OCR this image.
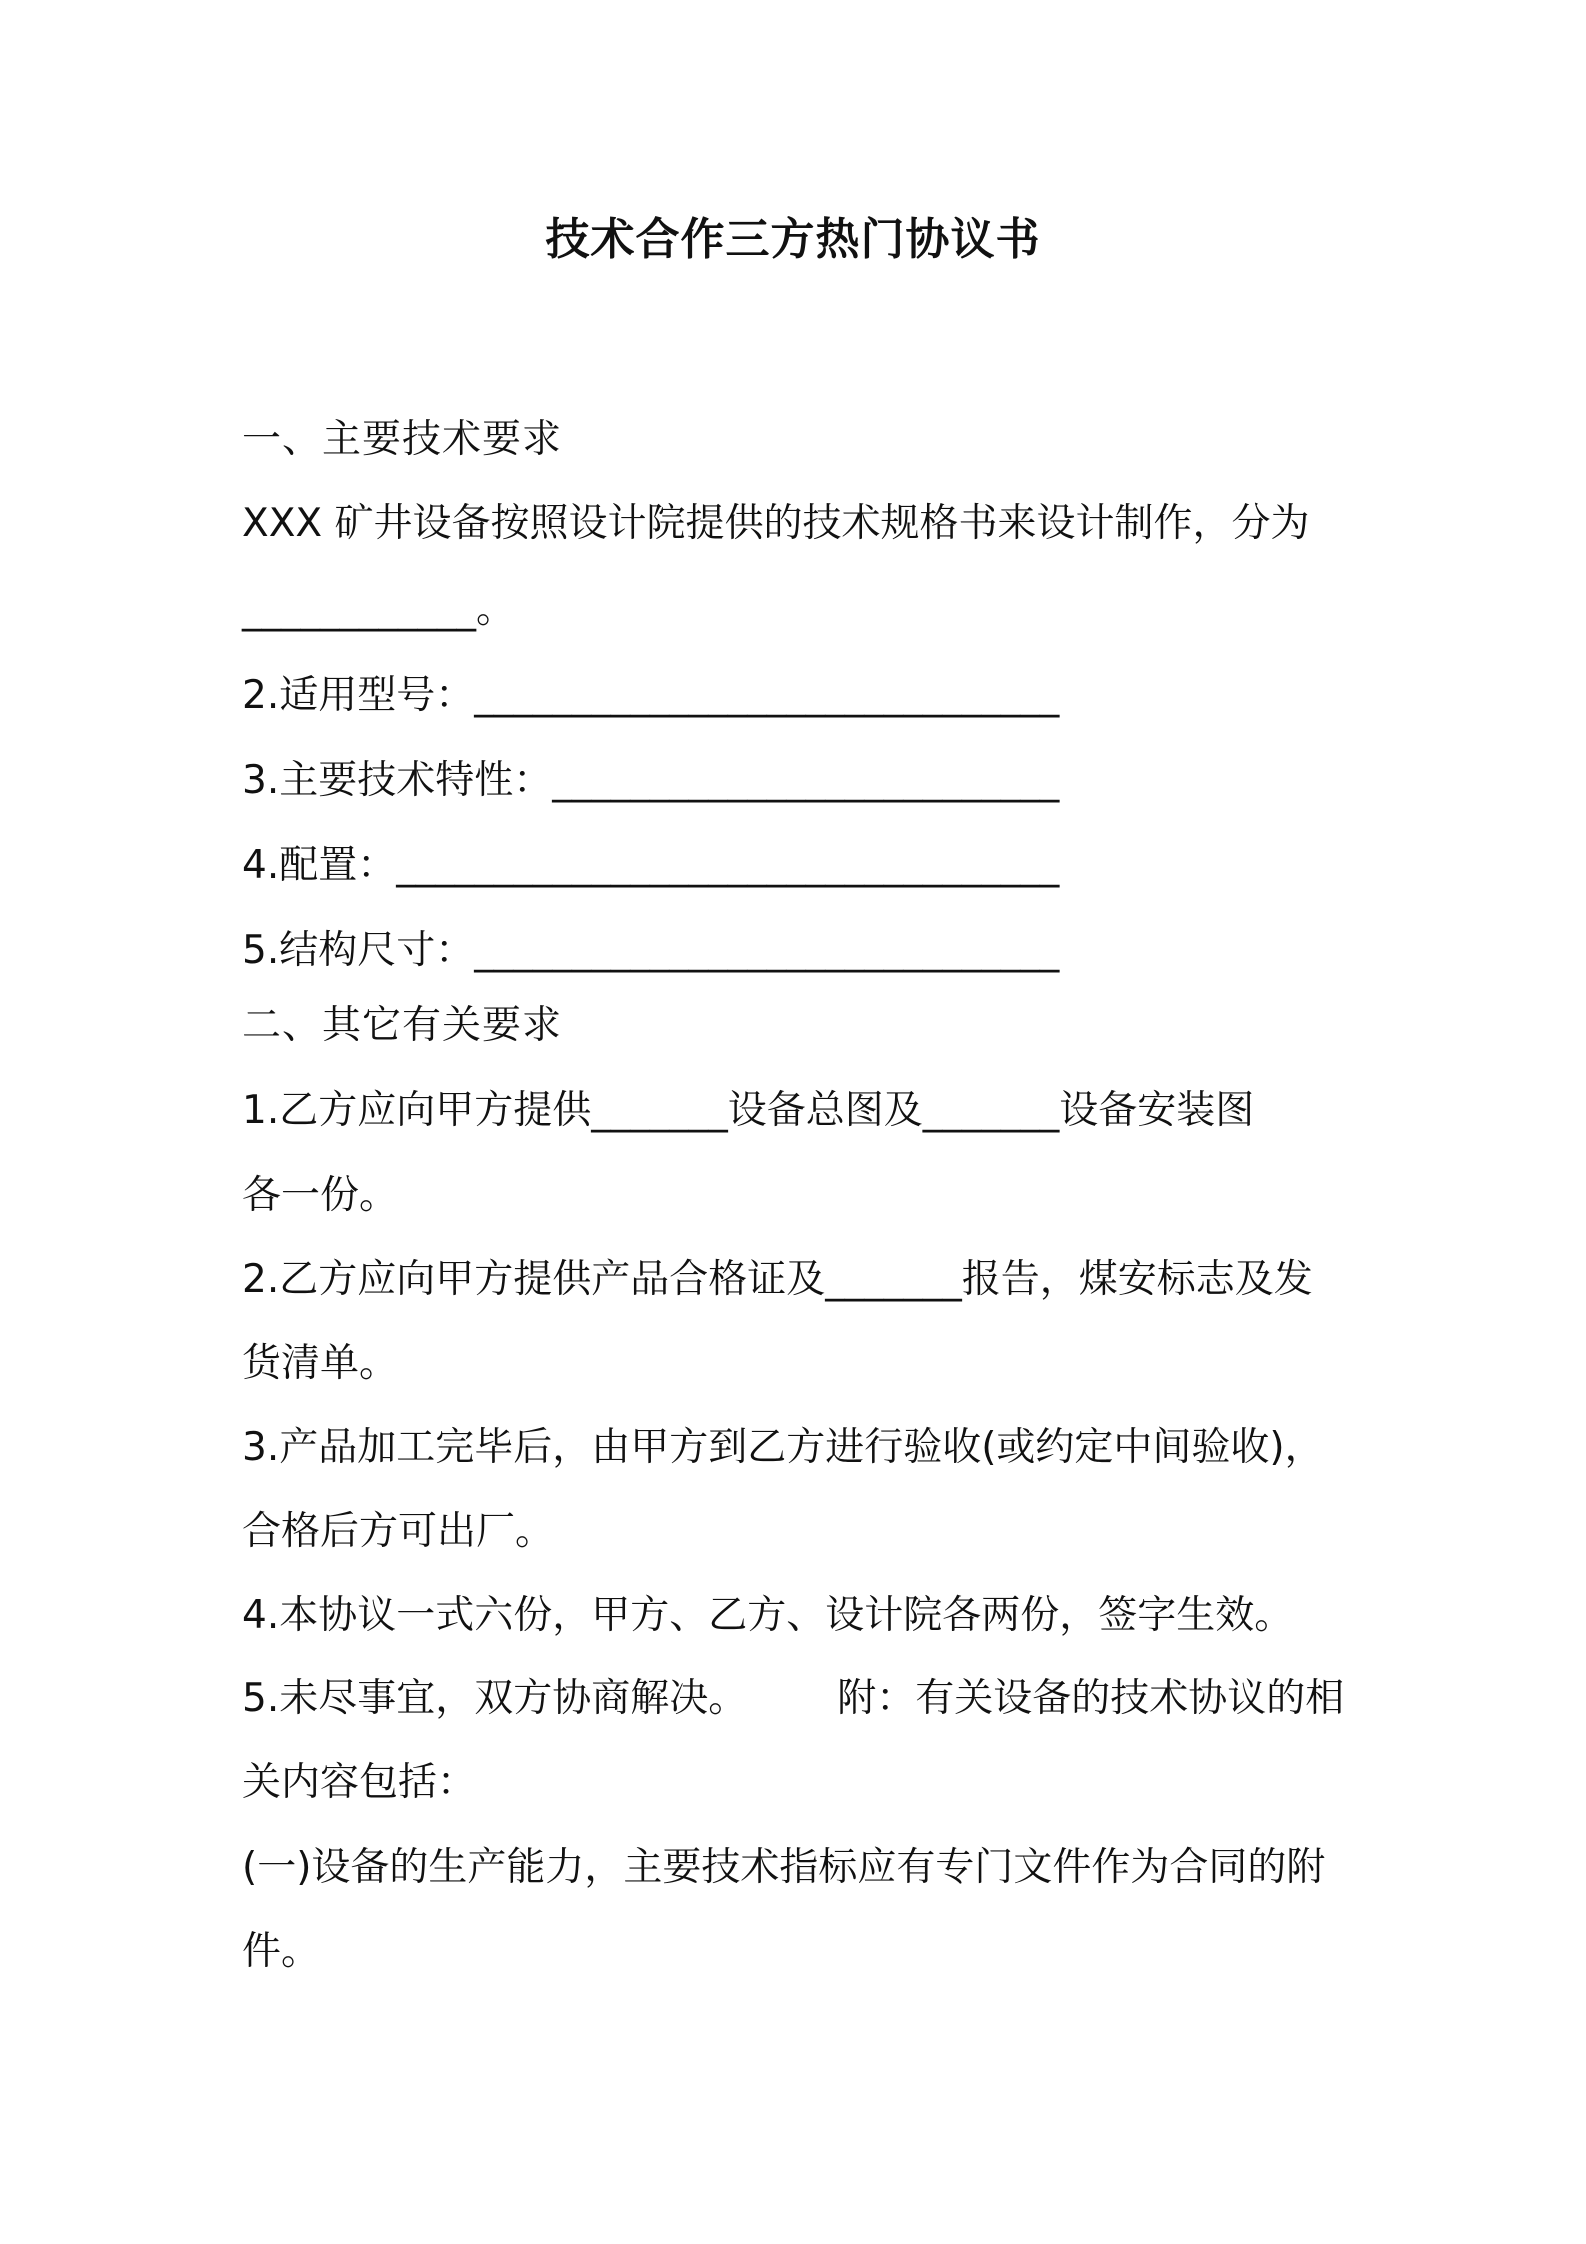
技术合作三方热门协议书
一、主要技术要求
XXX 矿井设备按照设计院提供的技术规格书来设计制作，分为
____________。
2.适用型号：______________________________
3.主要技术特性：__________________________
4.配置：__________________________________
5.结构尺寸：______________________________
二、其它有关要求
1.乙方应向甲方提供_______设备总图及_______设备安装图
各一份。
2.乙方应向甲方提供产品合格证及_______报告，煤安标志及发
货清单。
3.产品加工完毕后，由甲方到乙方进行验收(或约定中间验收)，
合格后方可出厂。
4.本协议一式六份，甲方、乙方、设计院各两份，签字生效。
5.未尽事宜，双方协商解决。 附：有关设备的技术协议的相
关内容包括：
(一)设备的生产能力，主要技术指标应有专门文件作为合同的附
件。
